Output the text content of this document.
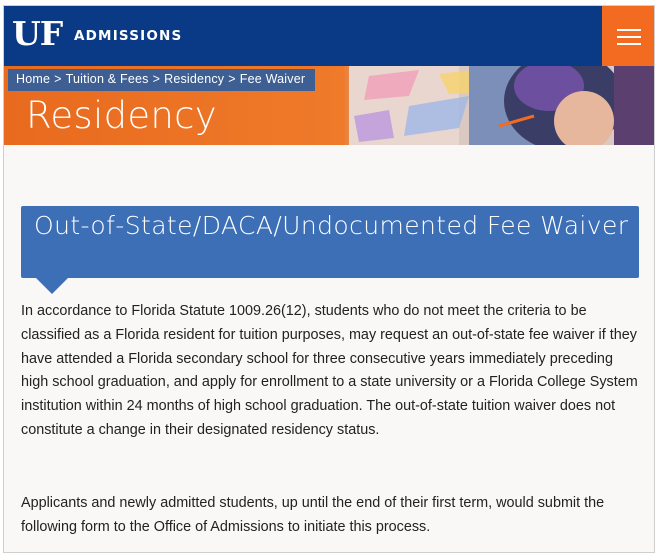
UF ADMISSIONS
Home > Tuition & Fees > Residency > Fee Waiver
Residency
Out-of-State/DACA/Undocumented Fee Waiver

In accordance to Florida Statute 1009.26(12), students who do not meet the criteria to be classified as a Florida resident for tuition purposes, may request an out-of-state fee waiver if they have attended a Florida secondary school for three consecutive years immediately preceding high school graduation, and apply for enrollment to a state university or a Florida College System institution within 24 months of high school graduation. The out-of-state tuition waiver does not constitute a change in their designated residency status.

Applicants and newly admitted students, up until the end of their first term, would submit the following form to the Office of Admissions to initiate this process.
